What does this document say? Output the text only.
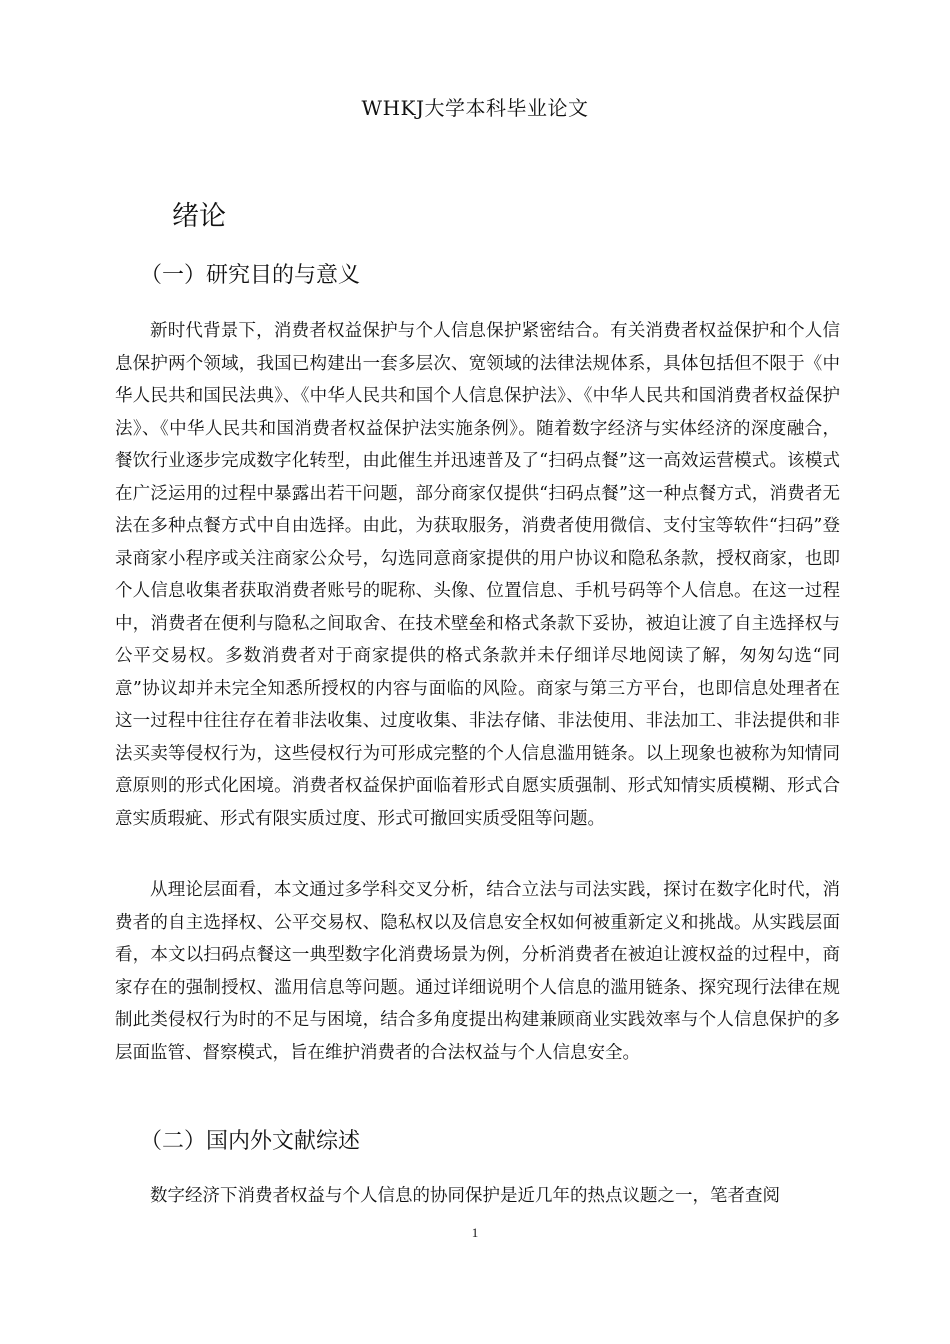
WHKJ大学本科毕业论文
绪论
（一）研究目的与意义

新时代背景下，消费者权益保护与个人信息保护紧密结合。有关消费者权益保护和个人信息保护两个领域，我国已构建出一套多层次、宽领域的法律法规体系，具体包括但不限于《中华人民共和国民法典》、《中华人民共和国个人信息保护法》、《中华人民共和国消费者权益保护法》、《中华人民共和国消费者权益保护法实施条例》。随着数字经济与实体经济的深度融合，餐饮行业逐步完成数字化转型，由此催生并迅速普及了“扫码点餐”这一高效运营模式。该模式在广泛运用的过程中暴露出若干问题，部分商家仅提供“扫码点餐”这一种点餐方式，消费者无法在多种点餐方式中自由选择。由此，为获取服务，消费者使用微信、支付宝等软件“扫码”登录商家小程序或关注商家公众号，勾选同意商家提供的用户协议和隐私条款，授权商家，也即个人信息收集者获取消费者账号的昵称、头像、位置信息、手机号码等个人信息。在这一过程中，消费者在便利与隐私之间取舍、在技术壁垒和格式条款下妥协，被迫让渡了自主选择权与公平交易权。多数消费者对于商家提供的格式条款并未仔细详尽地阅读了解，匆匆勾选“同意”协议却并未完全知悉所授权的内容与面临的风险。商家与第三方平台，也即信息处理者在这一过程中往往存在着非法收集、过度收集、非法存储、非法使用、非法加工、非法提供和非法买卖等侵权行为，这些侵权行为可形成完整的个人信息滥用链条。以上现象也被称为知情同意原则的形式化困境。消费者权益保护面临着形式自愿实质强制、形式知情实质模糊、形式合意实质瑕疵、形式有限实质过度、形式可撤回实质受阻等问题。

从理论层面看，本文通过多学科交叉分析，结合立法与司法实践，探讨在数字化时代，消费者的自主选择权、公平交易权、隐私权以及信息安全权如何被重新定义和挑战。从实践层面看，本文以扫码点餐这一典型数字化消费场景为例，分析消费者在被迫让渡权益的过程中，商家存在的强制授权、滥用信息等问题。通过详细说明个人信息的滥用链条、探究现行法律在规制此类侵权行为时的不足与困境，结合多角度提出构建兼顾商业实践效率与个人信息保护的多层面监管、督察模式，旨在维护消费者的合法权益与个人信息安全。

（二）国内外文献综述

数字经济下消费者权益与个人信息的协同保护是近几年的热点议题之一，笔者查阅

1
